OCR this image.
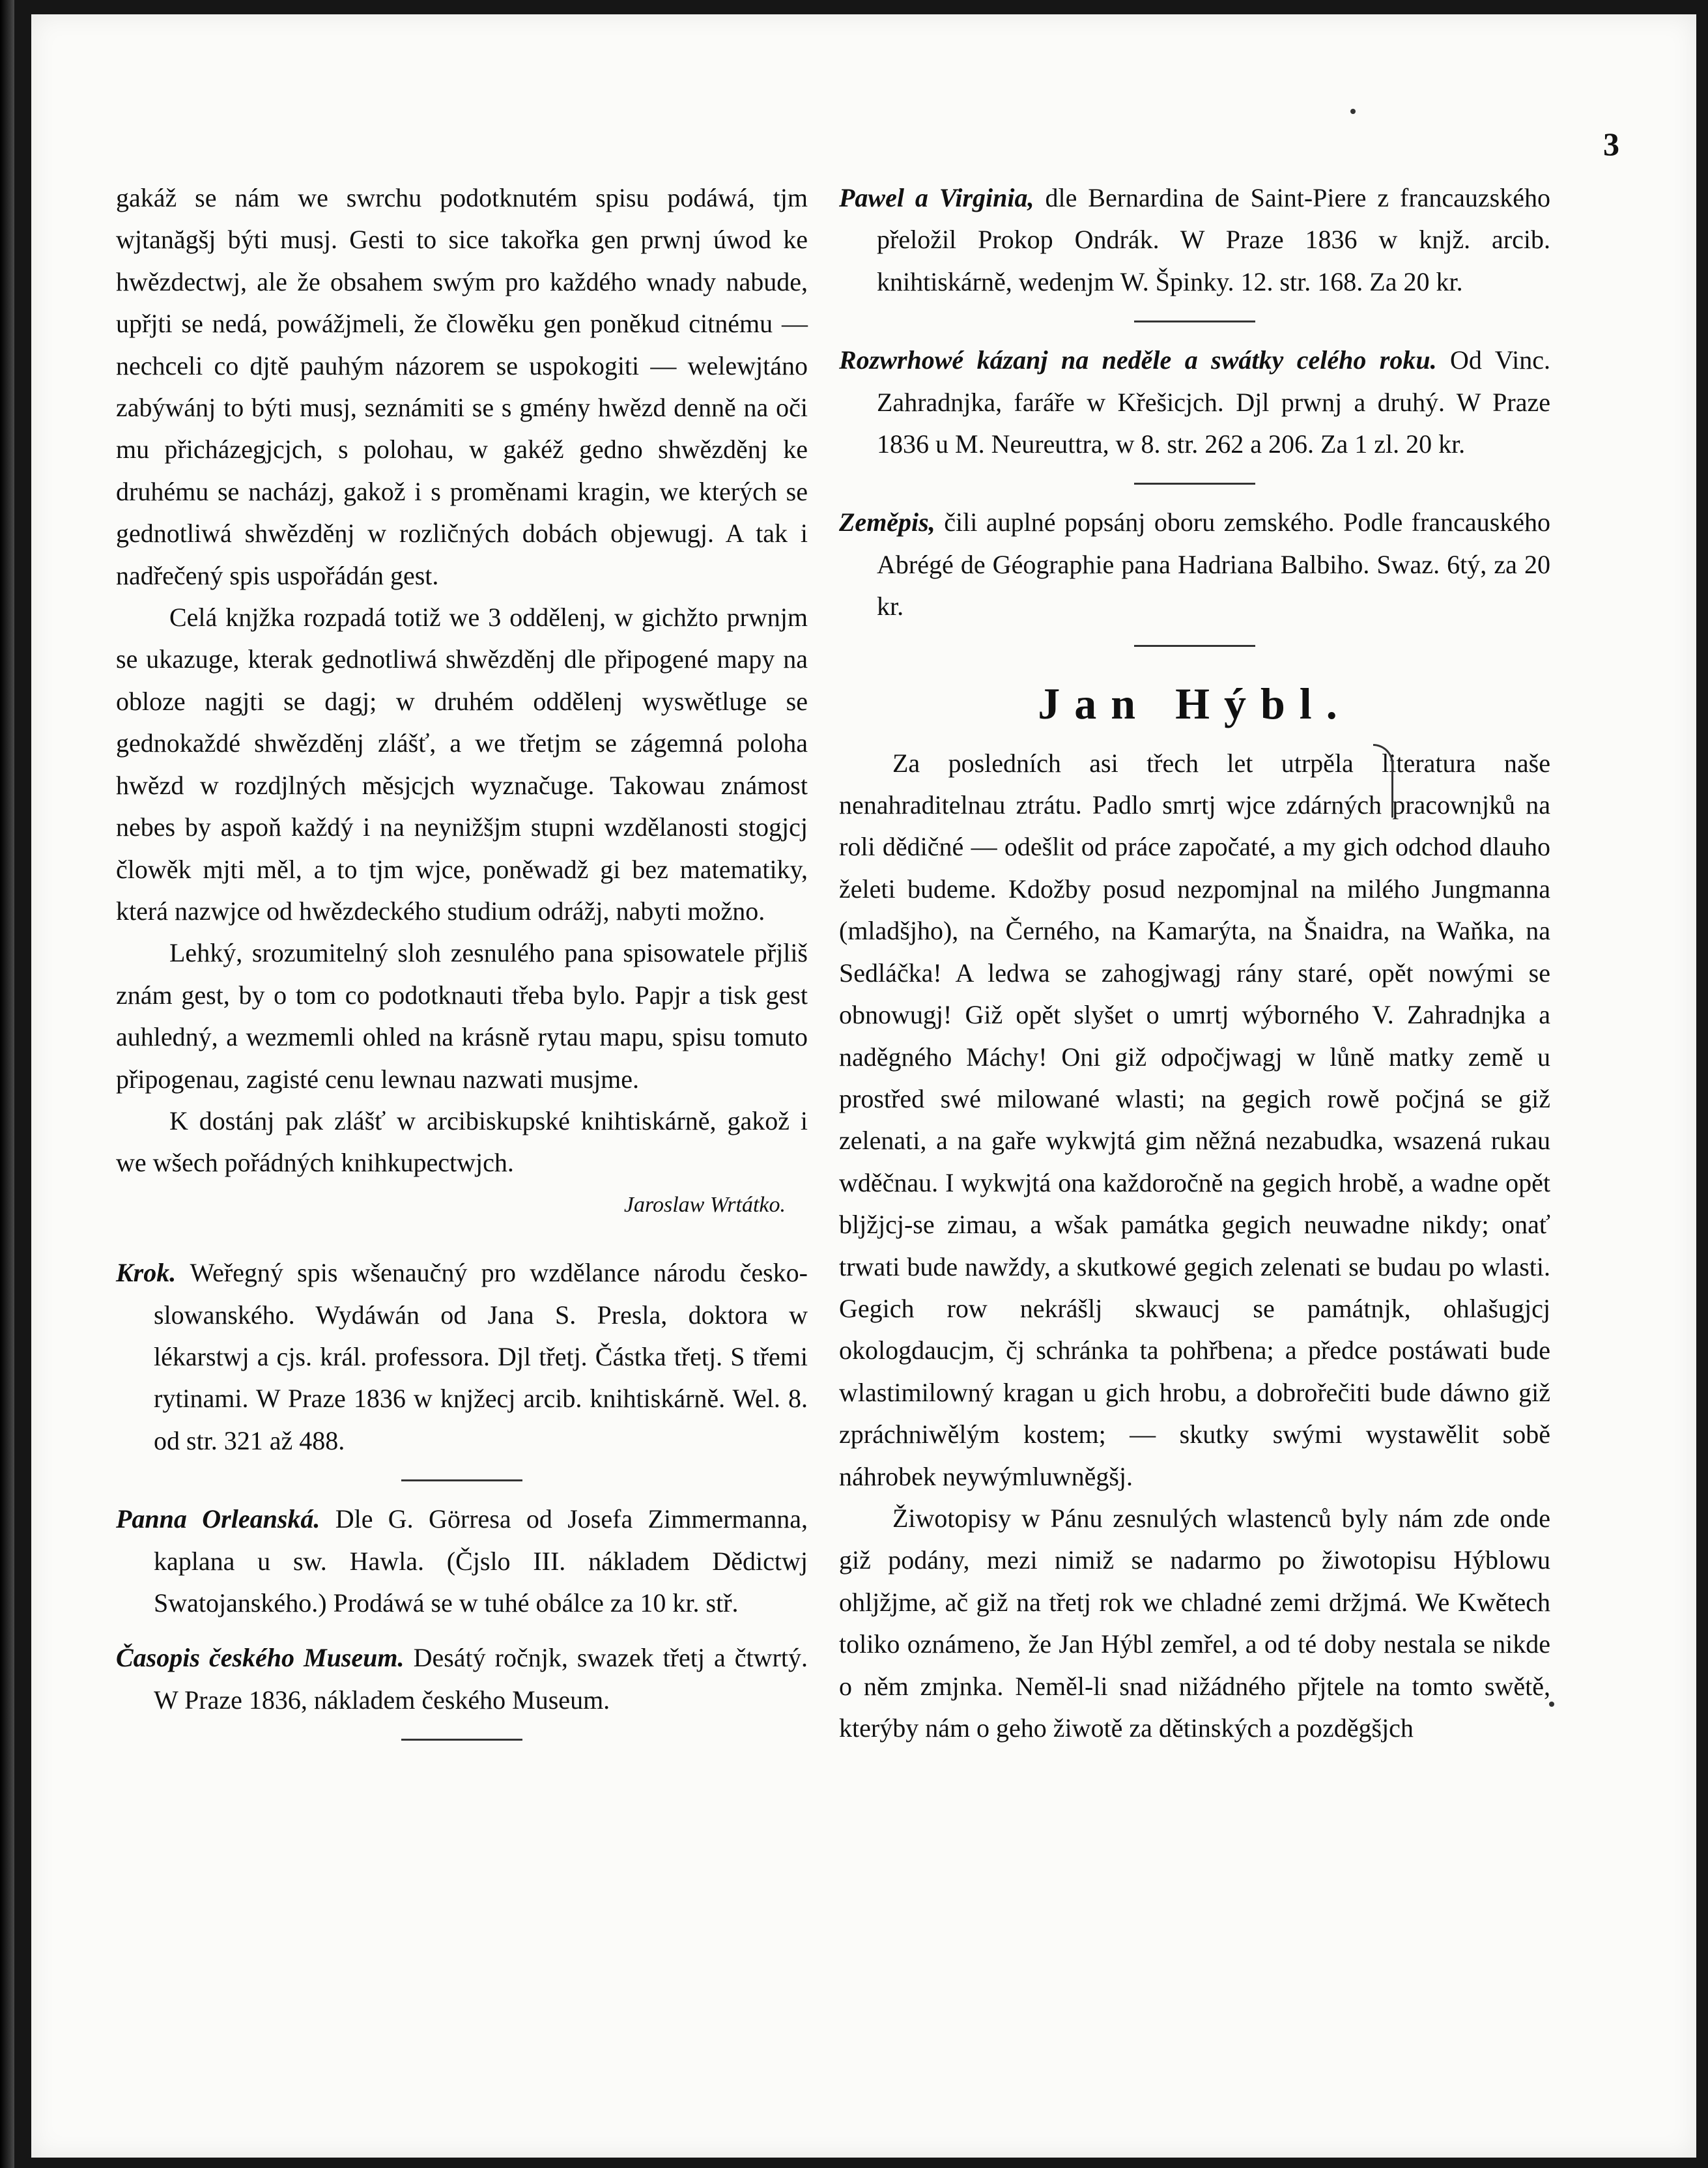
3

gakáž se nám we swrchu podotknutém spisu podáwá, tjm wjtanăgšj býti musj. Gesti to sice takořka gen prwnj úwod ke hwězdectwj, ale že obsahem swým pro každého wnady nabude, upřjti se nedá, powážjmeli, že člowěku gen poněkud citnému — nechceli co djtě pauhým názorem se uspokogiti — welewjtáno zabýwánj to býti musj, seznámiti se s gmény hwězd denně na oči mu přicházegjcjch, s polohau, w gakéž gedno shwězděnj ke druhému se nacházj, gakož i s proměnami kragin, we kterých se gednotliwá shwězděnj w rozličných dobách objewugj. A tak i nadřečený spis uspořádán gest.

Celá knjžka rozpadá totiž we 3 oddělenj, w gichžto prwnjm se ukazuge, kterak gednotliwá shwězděnj dle připogené mapy na obloze nagjti se dagj; w druhém oddělenj wyswětluge se gednokaždé shwězděnj zlášť, a we třetjm se zágemná poloha hwězd w rozdjlných měsjcjch wyznačuge. Takowau známost nebes by aspoň každý i na neynižšjm stupni wzdělanosti stogjcj člowěk mjti měl, a to tjm wjce, poněwadž gi bez matematiky, která nazwjce od hwězdeckého studium odrážj, nabyti možno.

Lehký, srozumitelný sloh zesnulého pana spisowatele přjliš znám gest, by o tom co podotknauti třeba bylo. Papjr a tisk gest auhledný, a wezmemli ohled na krásně rytau mapu, spisu tomuto připogenau, zagisté cenu lewnau nazwati musjme.

K dostánj pak zlášť w arcibiskupské knihtiskárně, gakož i we wšech pořádných knihkupectwjch.

Jaroslaw Wrtátko.

Krok. Weřegný spis wšenaučný pro wzdělance národu česko-slowanského. Wydáwán od Jana S. Presla, doktora w lékarstwj a cjs. král. professora. Djl třetj. Částka třetj. S třemi rytinami. W Praze 1836 w knjžecj arcib. knihtiskárně. Wel. 8. od str. 321 až 488.

Panna Orleanská. Dle G. Görresa od Josefa Zimmermanna, kaplana u sw. Hawla. (Čjslo III. nákladem Dědictwj Swatojanského.) Prodáwá se w tuhé obálce za 10 kr. stř.

Časopis českého Museum. Desátý ročnjk, swazek třetj a čtwrtý. W Praze 1836, nákladem českého Museum.

Pawel a Virginia, dle Bernardina de Saint-Piere z francauzského přeložil Prokop Ondrák. W Praze 1836 w knjž. arcib. knihtiskárně, wedenjm W. Špinky. 12. str. 168. Za 20 kr.

Rozwrhowé kázanj na neděle a swátky celého roku. Od Vinc. Zahradnjka, faráře w Křešicjch. Djl prwnj a druhý. W Praze 1836 u M. Neureuttra, w 8. str. 262 a 206. Za 1 zl. 20 kr.

Zeměpis, čili auplné popsánj oboru zemského. Podle francauského Abrégé de Géographie pana Hadriana Balbiho. Swaz. 6tý, za 20 kr.

Jan Hýbl.

Za posledních asi třech let utrpěla literatura naše nenahraditelnau ztrátu. Padlo smrtj wjce zdárných pracownjků na roli dědičné — odešlit od práce započaté, a my gich odchod dlauho želeti budeme. Kdožby posud nezpomjnal na milého Jungmanna (mladšjho), na Černého, na Kamarýta, na Šnaidra, na Waňka, na Sedláčka! A ledwa se zahogjwagj rány staré, opět nowými se obnowugj! Giž opět slyšet o umrtj wýborného V. Zahradnjka a naděgného Máchy! Oni giž odpočjwagj w lůně matky země u prostřed swé milowané wlasti; na gegich rowě počjná se giž zelenati, a na gaře wykwjtá gim něžná nezabudka, wsazená rukau wděčnau. I wykwjtá ona každoročně na gegich hrobě, a wadne opět bljžjcj-se zimau, a wšak památka gegich neuwadne nikdy; onať trwati bude nawždy, a skutkowé gegich zelenati se budau po wlasti. Gegich row nekrášlj skwaucj se památnjk, ohlašugjcj okologdaucjm, čj schránka ta pohřbena; a předce postáwati bude wlastimilowný kragan u gich hrobu, a dobrořečiti bude dáwno giž zpráchniwělým kostem; — skutky swými wystawělit sobě náhrobek neywýmluwněgšj.

Žiwotopisy w Pánu zesnulých wlastenců byly nám zde onde giž podány, mezi nimiž se nadarmo po žiwotopisu Hýblowu ohljžjme, ač giž na třetj rok we chladné zemi držjmá. We Kwětech toliko oznámeno, že Jan Hýbl zemřel, a od té doby nestala se nikde o něm zmjnka. Neměl-li snad nižádného přjtele na tomto swětě, kterýby nám o geho žiwotě za dětinských a pozděgšjch
